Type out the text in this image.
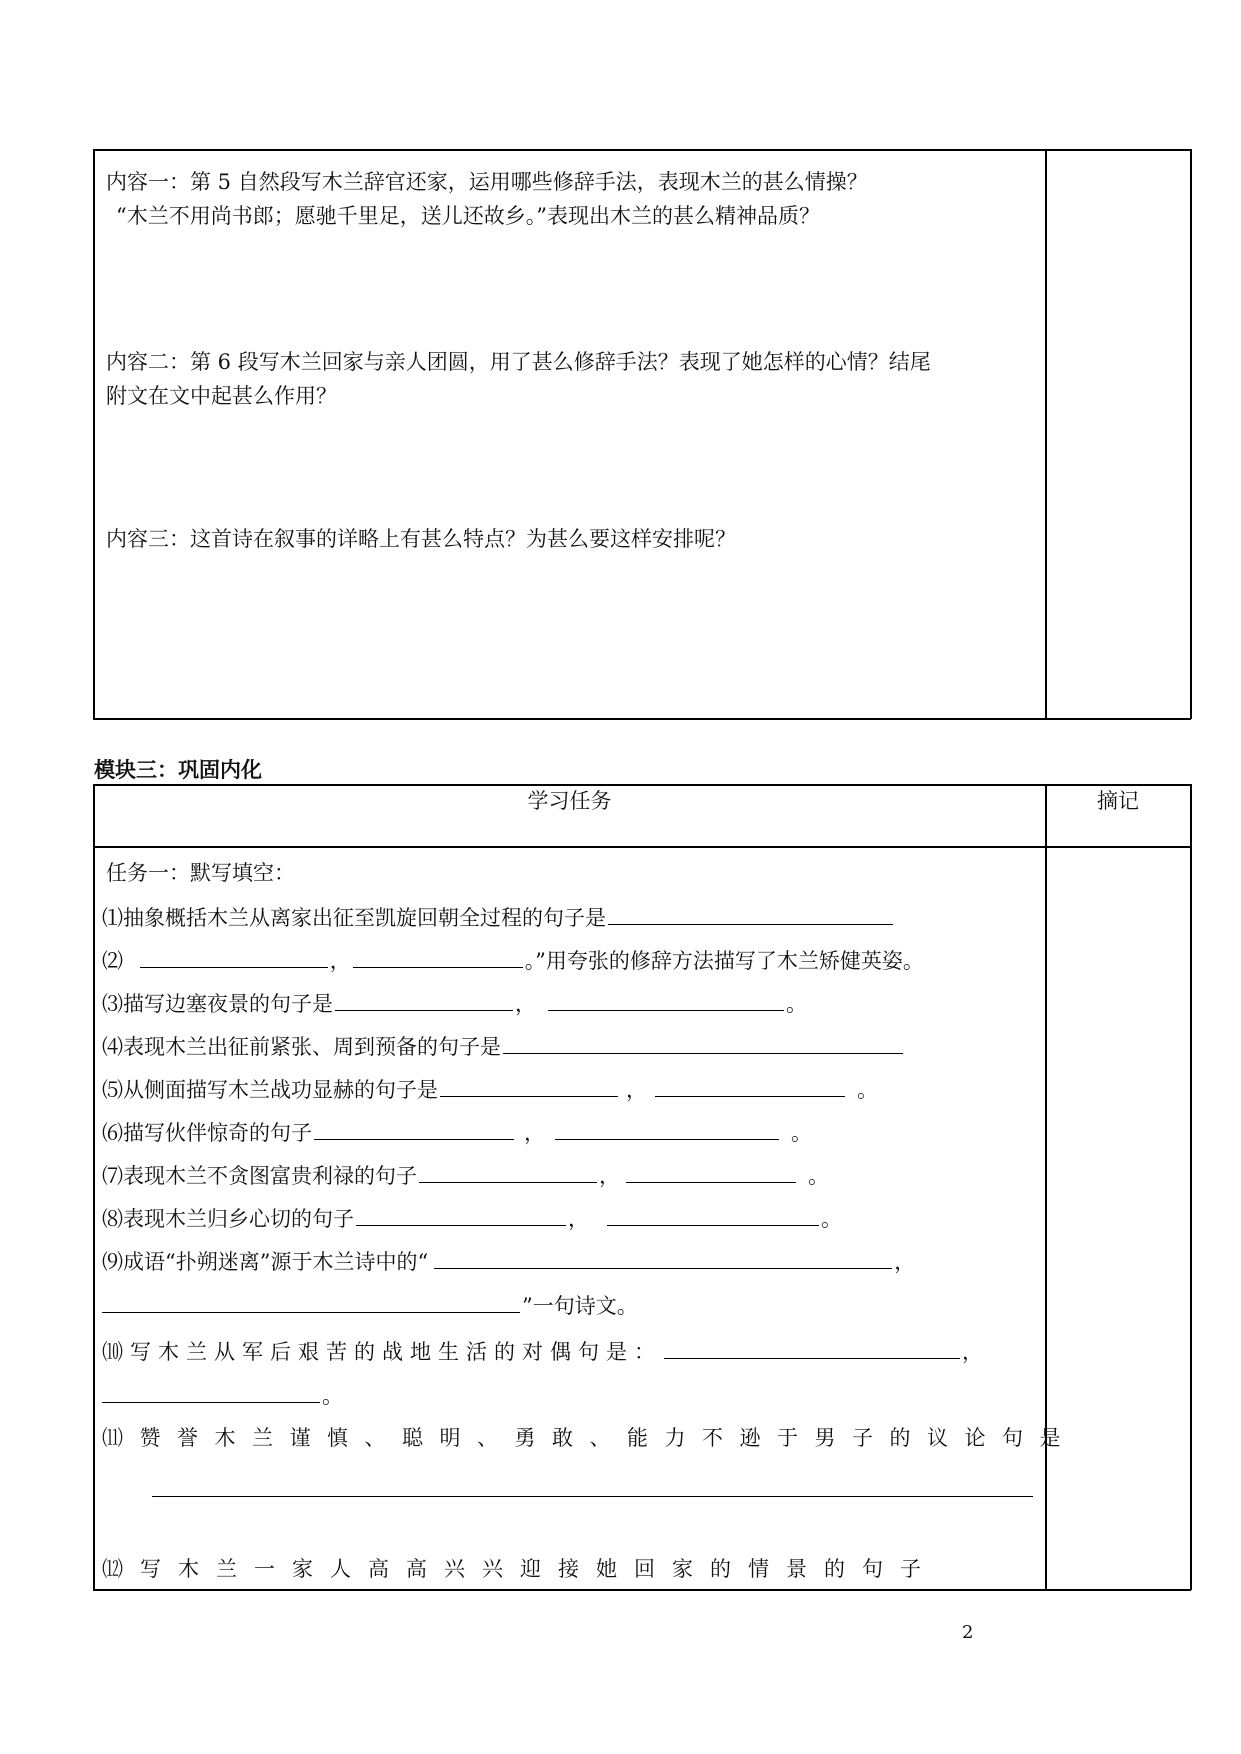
内容一：第 5 自然段写木兰辞官还家，运用哪些修辞手法，表现木兰的甚么情操？
“木兰不用尚书郎；愿驰千里足，送儿还故乡。”表现出木兰的甚么精神品质？
内容二：第 6 段写木兰回家与亲人团圆，用了甚么修辞手法？表现了她怎样的心情？结尾
附文在文中起甚么作用？
内容三：这首诗在叙事的详略上有甚么特点？为甚么要这样安排呢？
模块三：巩固内化
学习任务	摘记
任务一：默写填空：
⑴抽象概括木兰从离家出征至凯旋回朝全过程的句子是
⑵	，	。”用夸张的修辞方法描写了木兰矫健英姿。
⑶描写边塞夜景的句子是	，	。
⑷表现木兰出征前紧张、周到预备的句子是
⑸从侧面描写木兰战功显赫的句子是	，	。
⑹描写伙伴惊奇的句子	，	。
⑺表现木兰不贪图富贵利禄的句子	，	。
⑻表现木兰归乡心切的句子	，	。
⑼成语“扑朔迷离”源于木兰诗中的“	，
”一句诗文。
⑽写木兰从军后艰苦的战地生活的对偶句是：	，
。
⑾赞誉木兰谨慎、聪明、勇敢、能力不逊于男子的议论句是
⑿写木兰一家人高高兴兴迎接她回家的情景的句子
2
